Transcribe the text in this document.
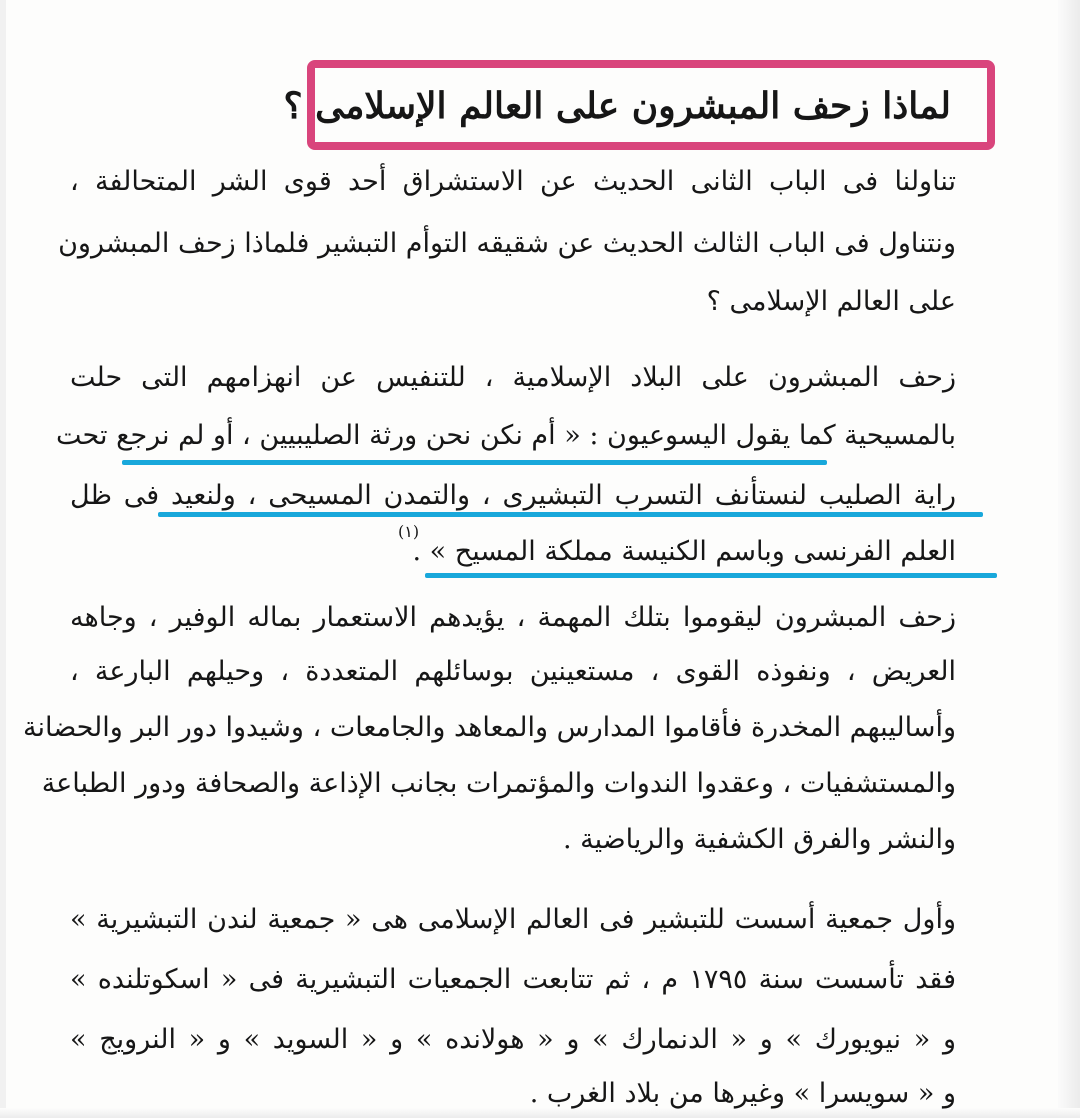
لماذا زحف المبشرون على العالم الإسلامى ؟
تناولنا فى الباب الثانى الحديث عن الاستشراق أحد قوى الشر المتحالفة ،
ونتناول فى الباب الثالث الحديث عن شقيقه التوأم التبشير فلماذا زحف المبشرون
على العالم الإسلامى ؟
زحف المبشرون على البلاد الإسلامية ، للتنفيس عن انهزامهم التى حلت
بالمسيحية كما يقول اليسوعيون : « أم نكن نحن ورثة الصليبيين ، أو لم نرجع تحت
راية الصليب لنستأنف التسرب التبشيرى ، والتمدن المسيحى ، ولنعيد فى ظل
العلم الفرنسى وباسم الكنيسة مملكة المسيح » .
(١)
زحف المبشرون ليقوموا بتلك المهمة ، يؤيدهم الاستعمار بماله الوفير ، وجاهه
العريض ، ونفوذه القوى ، مستعينين بوسائلهم المتعددة ، وحيلهم البارعة ،
وأساليبهم المخدرة فأقاموا المدارس والمعاهد والجامعات ، وشيدوا دور البر والحضانة
والمستشفيات ، وعقدوا الندوات والمؤتمرات بجانب الإذاعة والصحافة ودور الطباعة
والنشر والفرق الكشفية والرياضية .
وأول جمعية أسست للتبشير فى العالم الإسلامى هى « جمعية لندن التبشيرية »
فقد تأسست سنة ١٧٩٥ م ، ثم تتابعت الجمعيات التبشيرية فى « اسكوتلنده »
و « نيويورك » و « الدنمارك » و « هولانده » و « السويد » و « النرويج »
و « سويسرا » وغيرها من بلاد الغرب .
